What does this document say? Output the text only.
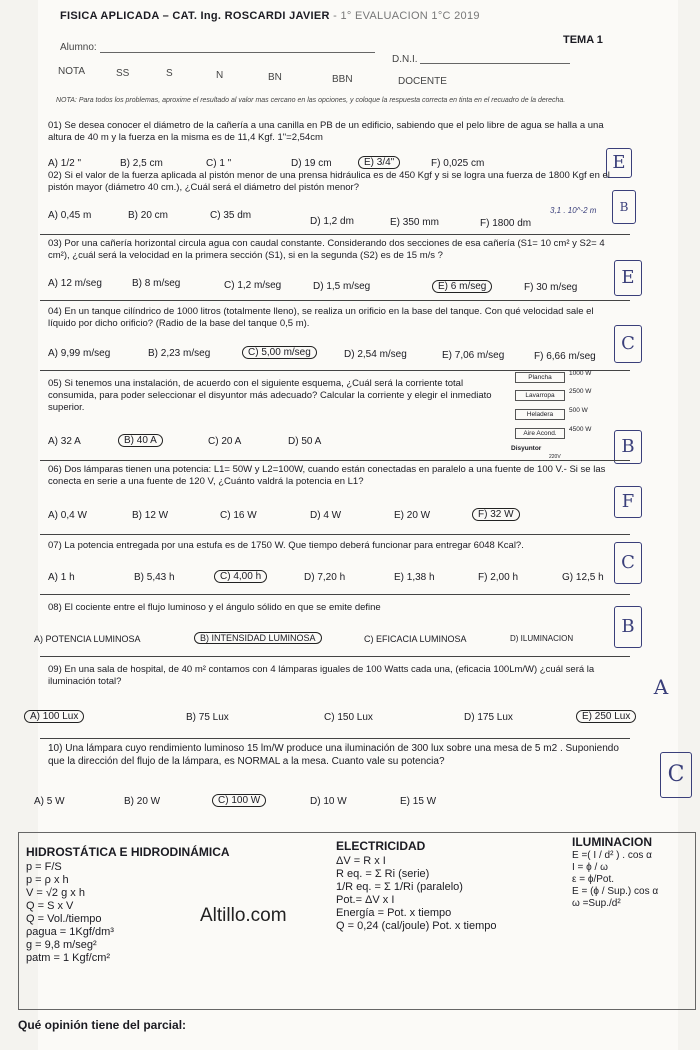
FISICA APLICADA – CAT. Ing. ROSCARDI JAVIER - 1° EVALUACION 1°C 2019
TEMA 1
Alumno:
D.N.I.
NOTA	SS	S	N	BN	BBN	DOCENTE
NOTA: Para todos los problemas, aproxime el resultado al valor mas cercano en las opciones, y coloque la respuesta correcta en tinta en el recuadro de la derecha.
01) Se desea conocer el diámetro de la cañería a una canilla en PB de un edificio, sabiendo que el pelo libre de agua se halla a una altura de 40 m y la fuerza en la misma es de 11,4 Kgf. 1"=2,54cm
A) 1/2 "	B) 2,5 cm	C) 1 "	D) 19 cm	E) 3/4"	F) 0,025 cm	E
02) Si el valor de la fuerza aplicada al pistón menor de una prensa hidráulica es de 450 Kgf y si se logra una fuerza de 1800 Kgf en el pistón mayor (diámetro 40 cm.), ¿Cuál será el diámetro del pistón menor?
A) 0,45 m	B) 20 cm	C) 35 dm
D) 1,2 dm	E) 350 mm	F) 1800 dm
3,1 . 10^-2 m	B
03) Por una cañería horizontal circula agua con caudal constante. Considerando dos secciones de esa cañería (S1= 10 cm² y S2= 4 cm²), ¿cuál será la velocidad en la primera sección (S1), si en la segunda (S2) es de 15 m/s ?
A) 12 m/seg	B) 8 m/seg	C) 1,2 m/seg	D) 1,5 m/seg	E) 6 m/seg	F) 30 m/seg	E
04) En un tanque cilíndrico de 1000 litros (totalmente lleno), se realiza un orificio en la base del tanque. Con qué velocidad sale el líquido por dicho orificio? (Radio de la base del tanque 0,5 m).
A) 9,99 m/seg	B) 2,23 m/seg	C) 5,00 m/seg	D) 2,54 m/seg	E) 7,06 m/seg	F) 6,66 m/seg
C
05) Si tenemos una instalación, de acuerdo con el siguiente esquema, ¿Cuál será la corriente total consumida, para poder seleccionar el disyuntor más adecuado? Calcular la corriente y elegir el inmediato superior.
A) 32 A	B) 40 A	C) 20 A	D) 50 A
Plancha
1000 W
Lavarropa
2500 W
Heladera
500 W
Aire Acond.
4500 W
Disyuntor
220V	B
06) Dos lámparas tienen una potencia: L1= 50W y L2=100W, cuando están conectadas en paralelo a una fuente de 100 V.- Si se las conecta en serie a una fuente de 120 V, ¿Cuánto valdrá la potencia en L1?
A) 0,4 W	B) 12 W	C) 16 W	D) 4 W	E) 20 W	F) 32 W
F
07) La potencia entregada por una estufa es de 1750 W. Que tiempo deberá funcionar para entregar 6048 Kcal?.
A) 1 h	B) 5,43 h	C) 4,00 h	D) 7,20 h	E) 1,38 h	F) 2,00 h	G) 12,5 h
C
08) El cociente entre el flujo luminoso y el ángulo sólido en que se emite define
A) POTENCIA LUMINOSA	B) INTENSIDAD LUMINOSA	C) EFICACIA LUMINOSA	D) ILUMINACION
B
09) En una sala de hospital, de 40 m² contamos con 4 lámparas iguales de 100 Watts cada una, (eficacia 100Lm/W) ¿cuál será la iluminación total?
A) 100 Lux	B) 75 Lux	C) 150 Lux	D) 175 Lux	E) 250 Lux
A
10) Una lámpara cuyo rendimiento luminoso 15 lm/W produce una iluminación de 300 lux sobre una mesa de 5 m2 . Suponiendo que la dirección del flujo de la lámpara, es NORMAL a la mesa. Cuanto vale su potencia?
A) 5 W	B) 20 W	C) 100 W	D) 10 W	E) 15 W
C
HIDROSTÁTICA E HIDRODINÁMICA
p = F/S
p = ρ x h
V = √2 g x h
Q = S x V
Q = Vol./tiempo
ρagua = 1Kgf/dm³
g = 9,8 m/seg²
patm = 1 Kgf/cm²
ELECTRICIDAD
ΔV = R x I
R eq. = Σ Ri (serie)
1/R eq. = Σ 1/Ri (paralelo)
Pot.= ΔV x I
Energía = Pot. x tiempo
Q = 0,24 (cal/joule) Pot. x tiempo
ILUMINACION
E =( I / d² ) . cos α
I = ϕ / ω
ε = ϕ/Pot.
E = (ϕ / Sup.) cos α
ω =Sup./d²
Altillo.com
Qué opinión tiene del parcial:
